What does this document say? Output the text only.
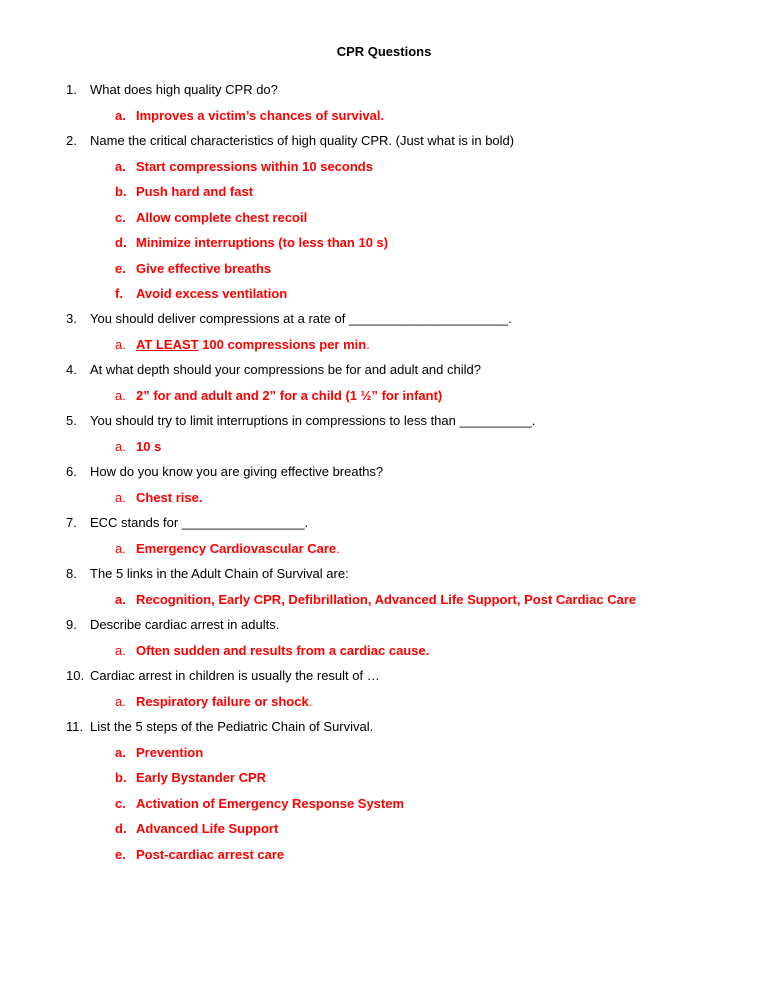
CPR Questions
1. What does high quality CPR do?
a. Improves a victim’s chances of survival.
2. Name the critical characteristics of high quality CPR. (Just what is in bold)
a. Start compressions within 10 seconds
b. Push hard and fast
c. Allow complete chest recoil
d. Minimize interruptions (to less than 10 s)
e. Give effective breaths
f. Avoid excess ventilation
3. You should deliver compressions at a rate of ______________________.
a. AT LEAST 100 compressions per min.
4. At what depth should your compressions be for and adult and child?
a. 2” for and adult and 2” for a child (1 ½” for infant)
5. You should try to limit interruptions in compressions to less than __________.
a. 10 s
6. How do you know you are giving effective breaths?
a. Chest rise.
7. ECC stands for _________________.
a. Emergency Cardiovascular Care.
8. The 5 links in the Adult Chain of Survival are:
a. Recognition, Early CPR, Defibrillation, Advanced Life Support, Post Cardiac Care
9. Describe cardiac arrest in adults.
a. Often sudden and results from a cardiac cause.
10. Cardiac arrest in children is usually the result of …
a. Respiratory failure or shock.
11. List the 5 steps of the Pediatric Chain of Survival.
a. Prevention
b. Early Bystander CPR
c. Activation of Emergency Response System
d. Advanced Life Support
e. Post-cardiac arrest care
